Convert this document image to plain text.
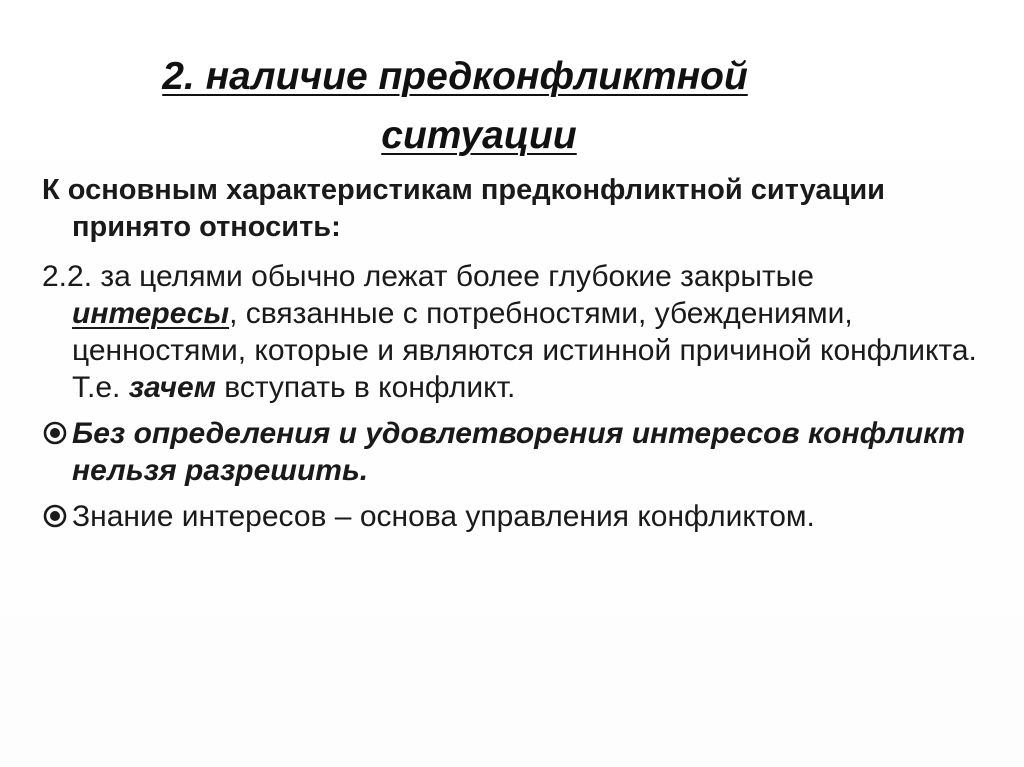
2. наличие предконфликтной
ситуации

К основным характеристикам предконфликтной ситуации принято относить:

2.2. за целями обычно лежат более глубокие закрытые интересы, связанные с потребностями, убеждениями, ценностями, которые и являются истинной причиной конфликта. Т.е. зачем вступать в конфликт.

Без определения и удовлетворения интересов конфликт нельзя разрешить.

Знание интересов – основа управления конфликтом.
